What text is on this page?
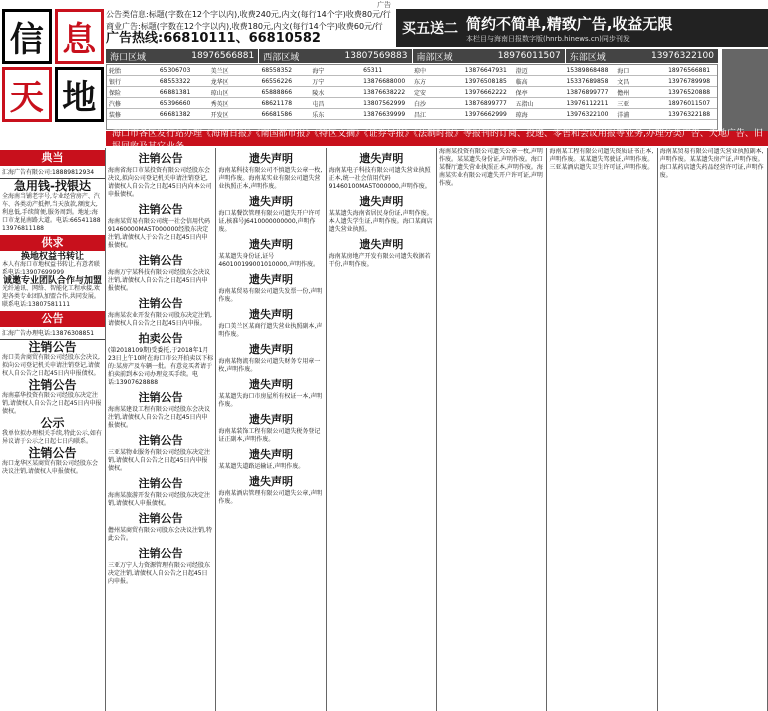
广告
信 息
天 地
公告类信息:标题(字数在12个字以内),收费240元,内文(每行14个字)收费80元/行
商业广告:标题(字数在12个字以内),收费180元,内文(每行14个字)收费60元/行
广告热线:66810111、66810582
买五送二 简约不简单,精致广告,收益无限
本栏目与海南日报数字版(hnrb.hinews.cn)同步刊发
海口区域	18976566881 西部区域	13807569883 南部区域	18976011507 东部区域	13976322100
轮胎	65306703	美兰区	68558352	海宁	65311	琼中	13876647931	澄迈	15389868488	海口	18976566881
银行	68553322	龙华区	66556226	万宁	13876688000	东方	13976508185	临高	15337689858	文昌	13976789998
保险	66881381	琼山区	65888866	陵水	13876638222	定安	13976662222	保亭	13876899777	儋州	13976520888
汽修	65396660	秀英区	68621178	屯昌	13807562999	白沙	13876899777	五指山	13976112211	三亚	18976011507
装修	66681382	开发区	66681586	乐东	13876639999	昌江	13976662999	琼海	13976322100	洋浦	13976322188
海口市各区发行站办理《海南日报》《南国都市报》《特区文摘》《证券导报》《法制时报》等报刊的订阅、投递、零售和会议用报等业务,办理分类广告、天地广告、旧报回收及其它业务。
典当
汇海广告有限公司:18889812934
急用钱-找银达
全海南当铺老字号,专业经营房产、汽车、各类动产抵押,当天放款,额度大,利息低,手续简便,服务周到。地址:海口市龙昆南路大道。电话:66541188 13976811188
供求
换地权益书转让
本人有海口市地权益书转让,有意者联系电话:13907699999
诚邀专业团队合作与加盟
光纤通讯、网络、智能化工程承接,欢迎各类专业团队加盟合作,共同发展。联系电话:13807581111
公告
汇海广告办理电话:13876308851
注销公告
海口美舍商贸有限公司经股东会决议,拟向公司登记机关申请注销登记,请债权人自公告之日起45日内申报债权。
注销公告
海南嘉华投资有限公司经股东决定注销,请债权人自公告之日起45日内申报债权。
公示
我单位拟办理相关手续,特此公示,如有异议请于公示之日起七日内联系。
注销公告
海口龙华区某商贸有限公司经股东会决议注销,请债权人申报债权。
注销公告
海南省海口市某投资有限公司经股东会决议,拟向公司登记机关申请注销登记,请债权人自公告之日起45日内向本公司申报债权。
注销公告
海南某贸易有限公司统一社会信用代码91460000MA5T000000经股东决定注销,请债权人于公告之日起45日内申报债权。
注销公告
海南万宁某科技有限公司经股东会决议注销,请债权人自公告之日起45日内申报债权。
注销公告
海南某农业开发有限公司股东决定注销,请债权人自公告之日起45日内申报。
拍卖公告
(第2018109期)受委托,于2018年1月23日上午10时在海口市公开拍卖以下标的:某房产及车辆一批。有意竞买者请于拍卖前到本公司办理竞买手续。电话:13907628888
注销公告
海南某建设工程有限公司经股东会决议注销,请债权人自公告之日起45日内申报债权。
注销公告
三亚某物业服务有限公司经股东决定注销,请债权人自公告之日起45日内申报债权。
注销公告
海南某旅游开发有限公司经股东决定注销,请债权人申报债权。
注销公告
儋州某商贸有限公司股东会决议注销,特此公告。
注销公告
三亚万宁人力资源管理有限公司经股东决定注销,请债权人自公告之日起45日内申报。
遗失声明
海南某科技有限公司不慎遗失公章一枚,声明作废。海南某实业有限公司遗失营业执照正本,声明作废。
遗失声明
海口某餐饮管理有限公司遗失开户许可证,核准号J6410000000000,声明作废。
遗失声明
某某遗失身份证,证号460100199001010000,声明作废。
遗失声明
海南某贸易有限公司遗失发票一份,声明作废。
遗失声明
海口美兰区某商行遗失营业执照副本,声明作废。
遗失声明
海南某物流有限公司遗失财务专用章一枚,声明作废。
遗失声明
某某遗失海口市房屋所有权证一本,声明作废。
遗失声明
海南某装饰工程有限公司遗失税务登记证正副本,声明作废。
遗失声明
某某遗失道路运输证,声明作废。
遗失声明
海南某酒店管理有限公司遗失公章,声明作废。
遗失声明
海南某电子科技有限公司遗失营业执照正本,统一社会信用代码91460100MA5T000000,声明作废。
遗失声明
某某遗失海南省居民身份证,声明作废。本人遗失学生证,声明作废。海口某商店遗失营业执照。
遗失声明
海南某房地产开发有限公司遗失收据若干份,声明作废。
海南某投资有限公司遗失公章一枚,声明作废。某某遗失身份证,声明作废。海口某餐厅遗失营业执照正本,声明作废。海南某实业有限公司遗失开户许可证,声明作废。
海南某工程有限公司遗失资质证书正本,声明作废。某某遗失驾驶证,声明作废。三亚某酒店遗失卫生许可证,声明作废。
海南某贸易有限公司遗失营业执照副本,声明作废。某某遗失房产证,声明作废。海口某药店遗失药品经营许可证,声明作废。
